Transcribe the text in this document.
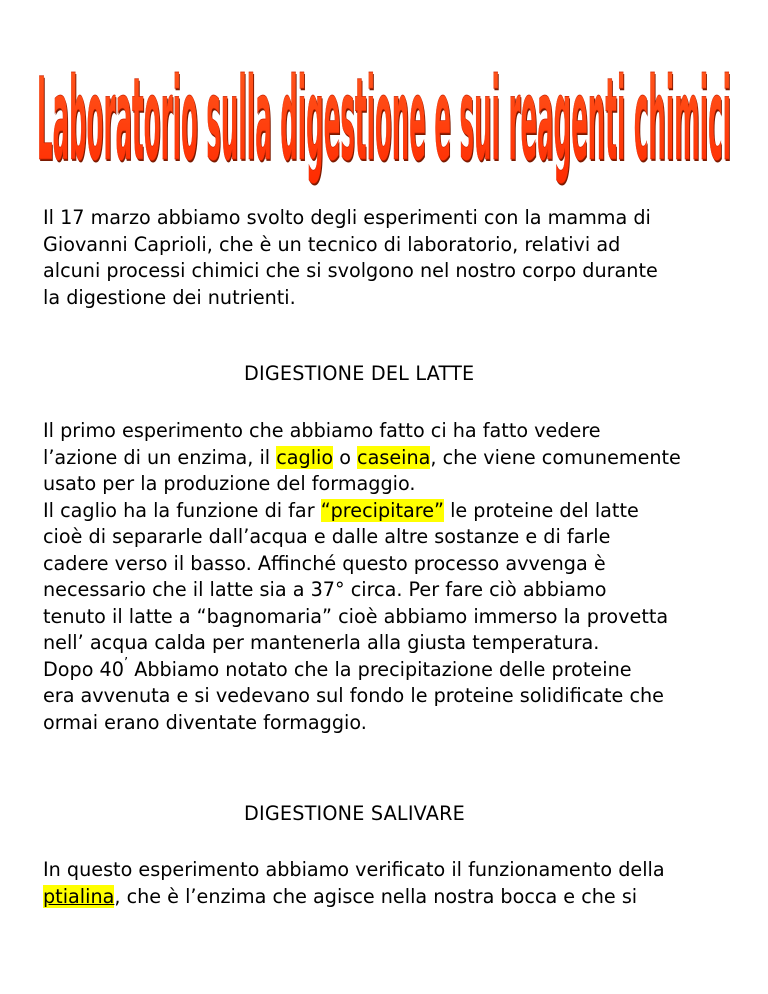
Laboratorio sulla digestione e sui reagenti chimici
Laboratorio sulla digestione e sui reagenti chimici
Il 17 marzo abbiamo svolto degli esperimenti con la mamma di
Giovanni Caprioli, che è un tecnico di laboratorio, relativi ad
alcuni processi chimici che si svolgono nel nostro corpo durante
la digestione dei nutrienti.
DIGESTIONE DEL LATTE
Il primo esperimento che abbiamo fatto ci ha fatto vedere
l’azione di un enzima, il caglio o caseina, che viene comunemente
usato per la produzione del formaggio.
Il caglio ha la funzione di far “precipitare” le proteine del latte
cioè di separarle dall’acqua e dalle altre sostanze e di farle
cadere verso il basso. Affinché questo processo avvenga è
necessario che il latte sia a 37° circa. Per fare ciò abbiamo
tenuto il latte a “bagnomaria” cioè abbiamo immerso la provetta
nell’ acqua calda per mantenerla alla giusta temperatura.
Dopo 40’ Abbiamo notato che la precipitazione delle proteine
era avvenuta e si vedevano sul fondo le proteine solidificate che
ormai erano diventate formaggio.
DIGESTIONE SALIVARE
In questo esperimento abbiamo verificato il funzionamento della
ptialina, che è l’enzima che agisce nella nostra bocca e che si
